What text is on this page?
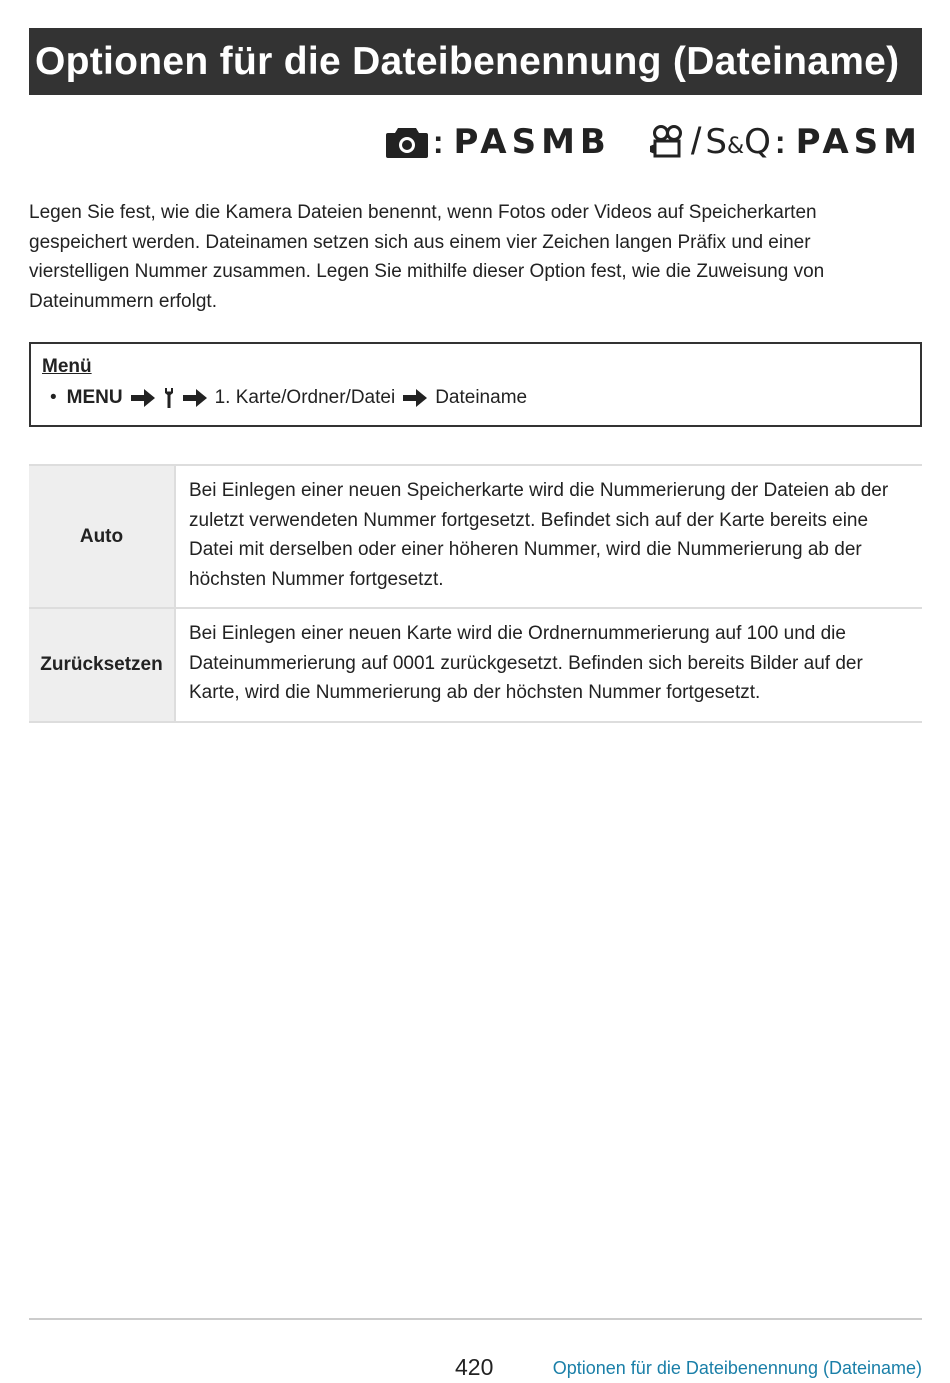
Optionen für die Dateibenennung (Dateiname)
: PASMB / S&Q : PASM

Legen Sie fest, wie die Kamera Dateien benennt, wenn Fotos oder Videos auf Speicherkarten gespeichert werden. Dateinamen setzen sich aus einem vier Zeichen langen Präfix und einer vierstelligen Nummer zusammen. Legen Sie mithilfe dieser Option fest, wie die Zuweisung von Dateinummern erfolgt.

Menü
• MENU	1. Karte/Ordner/Datei Dateiname
Auto	Bei Einlegen einer neuen Speicherkarte wird die Nummerierung der Dateien ab der zuletzt verwendeten Nummer fortgesetzt. Befindet sich auf der Karte bereits eine Datei mit derselben oder einer höheren Nummer, wird die Nummerierung ab der höchsten Nummer fortgesetzt.
Zurücksetzen	Bei Einlegen einer neuen Karte wird die Ordnernummerierung auf 100 und die Dateinummerierung auf 0001 zurückgesetzt. Befinden sich bereits Bilder auf der Karte, wird die Nummerierung ab der höchsten Nummer fortgesetzt.
420	Optionen für die Dateibenennung (Dateiname)
